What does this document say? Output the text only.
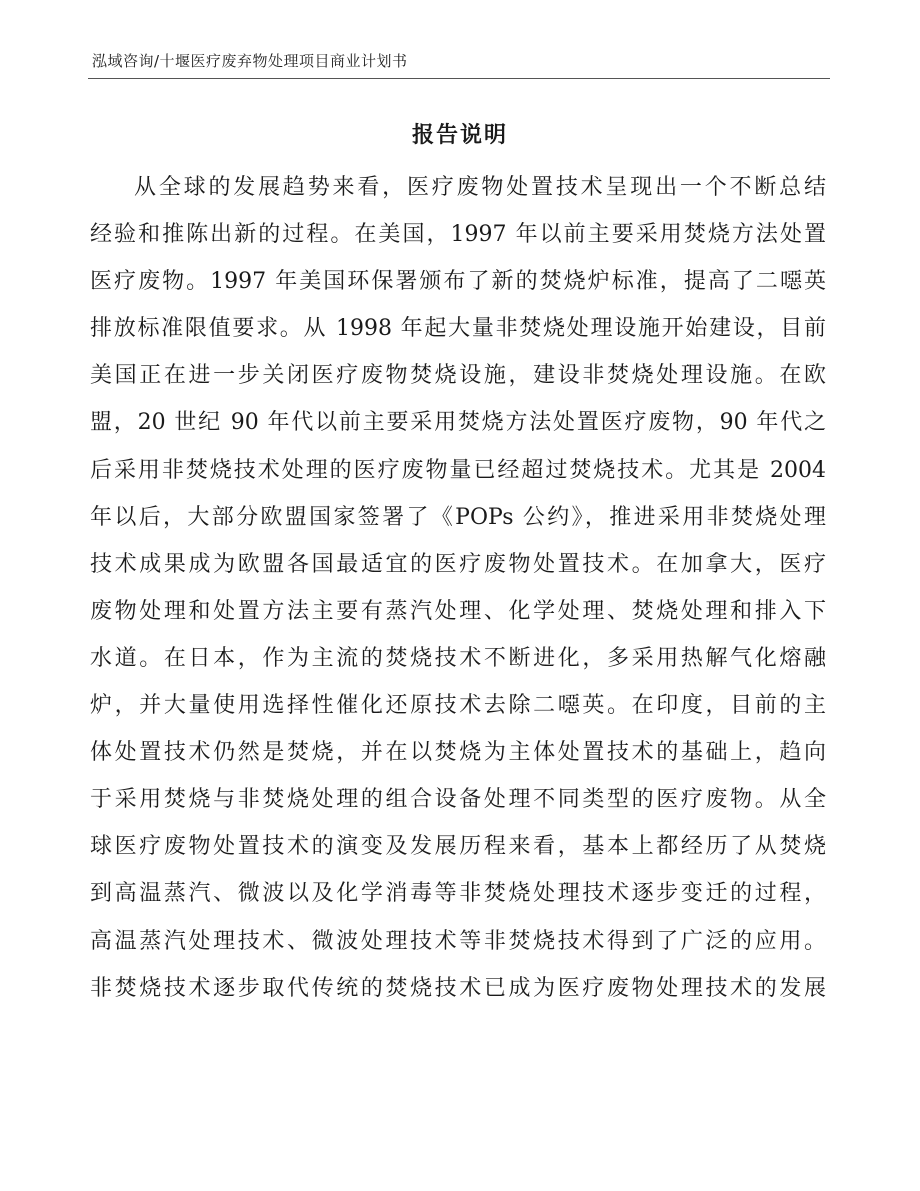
泓域咨询/十堰医疗废弃物处理项目商业计划书
报告说明
从全球的发展趋势来看，医疗废物处置技术呈现出一个不断总结
经验和推陈出新的过程。在美国，1997 年以前主要采用焚烧方法处置
医疗废物。1997 年美国环保署颁布了新的焚烧炉标准，提高了二噁英
排放标准限值要求。从 1998 年起大量非焚烧处理设施开始建设，目前
美国正在进一步关闭医疗废物焚烧设施，建设非焚烧处理设施。在欧
盟，20 世纪 90 年代以前主要采用焚烧方法处置医疗废物，90 年代之
后采用非焚烧技术处理的医疗废物量已经超过焚烧技术。尤其是 2004
年以后，大部分欧盟国家签署了《POPs 公约》，推进采用非焚烧处理
技术成果成为欧盟各国最适宜的医疗废物处置技术。在加拿大，医疗
废物处理和处置方法主要有蒸汽处理、化学处理、焚烧处理和排入下
水道。在日本，作为主流的焚烧技术不断进化，多采用热解气化熔融
炉，并大量使用选择性催化还原技术去除二噁英。在印度，目前的主
体处置技术仍然是焚烧，并在以焚烧为主体处置技术的基础上，趋向
于采用焚烧与非焚烧处理的组合设备处理不同类型的医疗废物。从全
球医疗废物处置技术的演变及发展历程来看，基本上都经历了从焚烧
到高温蒸汽、微波以及化学消毒等非焚烧处理技术逐步变迁的过程，
高温蒸汽处理技术、微波处理技术等非焚烧技术得到了广泛的应用。
非焚烧技术逐步取代传统的焚烧技术已成为医疗废物处理技术的发展
